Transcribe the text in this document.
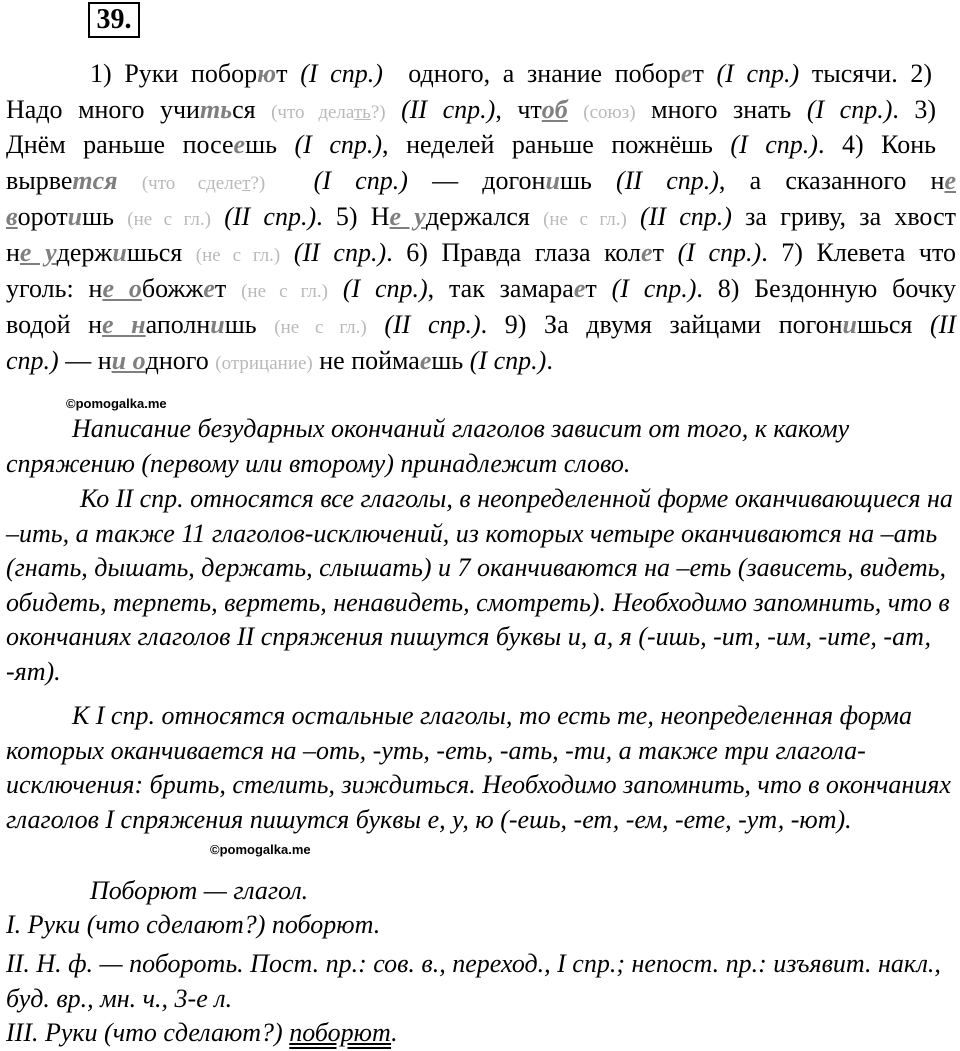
39.
1) Руки поборют (I спр.)  одного, а знание поборет (I спр.) тысячи. 2)
Надо много учиться (что делать?) (II спр.), чтоб (союз) много знать (I спр.). 3)
Днём раньше посеешь (I спр.), неделей раньше пожнёшь (I спр.). 4) Конь
вырвется (что сделет?) (I спр.) — догонишь (II спр.), а сказанного не
воротишь (не с гл.) (II спр.). 5) Не удержался (не с гл.) (II спр.) за гриву, за хвост
не удержишься (не с гл.) (II спр.). 6) Правда глаза колет (I спр.). 7) Клевета что
уголь: не обожжет (не с гл.) (I спр.), так замарает (I спр.). 8) Бездонную бочку
водой не наполнишь (не с гл.) (II спр.). 9) За двумя зайцами погонишься (II
спр.) — ни одного (отрицание) не поймаешь (I спр.).
©pomogalka.me
Написание безударных окончаний глаголов зависит от того, к какому спряжению (первому или второму) принадлежит слово.
Ко II спр. относятся все глаголы, в неопределенной форме оканчивающиеся на –ить, а также 11 глаголов-исключений, из которых четыре оканчиваются на –ать (гнать, дышать, держать, слышать) и 7 оканчиваются на –еть (зависеть, видеть, обидеть, терпеть, вертеть, ненавидеть, смотреть). Необходимо запомнить, что в окончаниях глаголов II спряжения пишутся буквы и, а, я (-ишь, -ит, -им, -ите, -ат, -ят).
К I спр. относятся остальные глаголы, то есть те, неопределенная форма которых оканчивается на –оть, -уть, -еть, -ать, -ти, а также три глагола-исключения: брить, стелить, зиждиться. Необходимо запомнить, что в окончаниях глаголов I спряжения пишутся буквы е, у, ю (-ешь, -ет, -ем, -ете, -ут, -ют).
©pomogalka.me
Поборют — глагол.
I. Руки (что сделают?) поборют.
II. Н. ф. — побороть. Пост. пр.: сов. в., переход., I спр.; непост. пр.: изъявит. накл., буд. вр., мн. ч., 3-е л.
III. Руки (что сделают?) поборют.
